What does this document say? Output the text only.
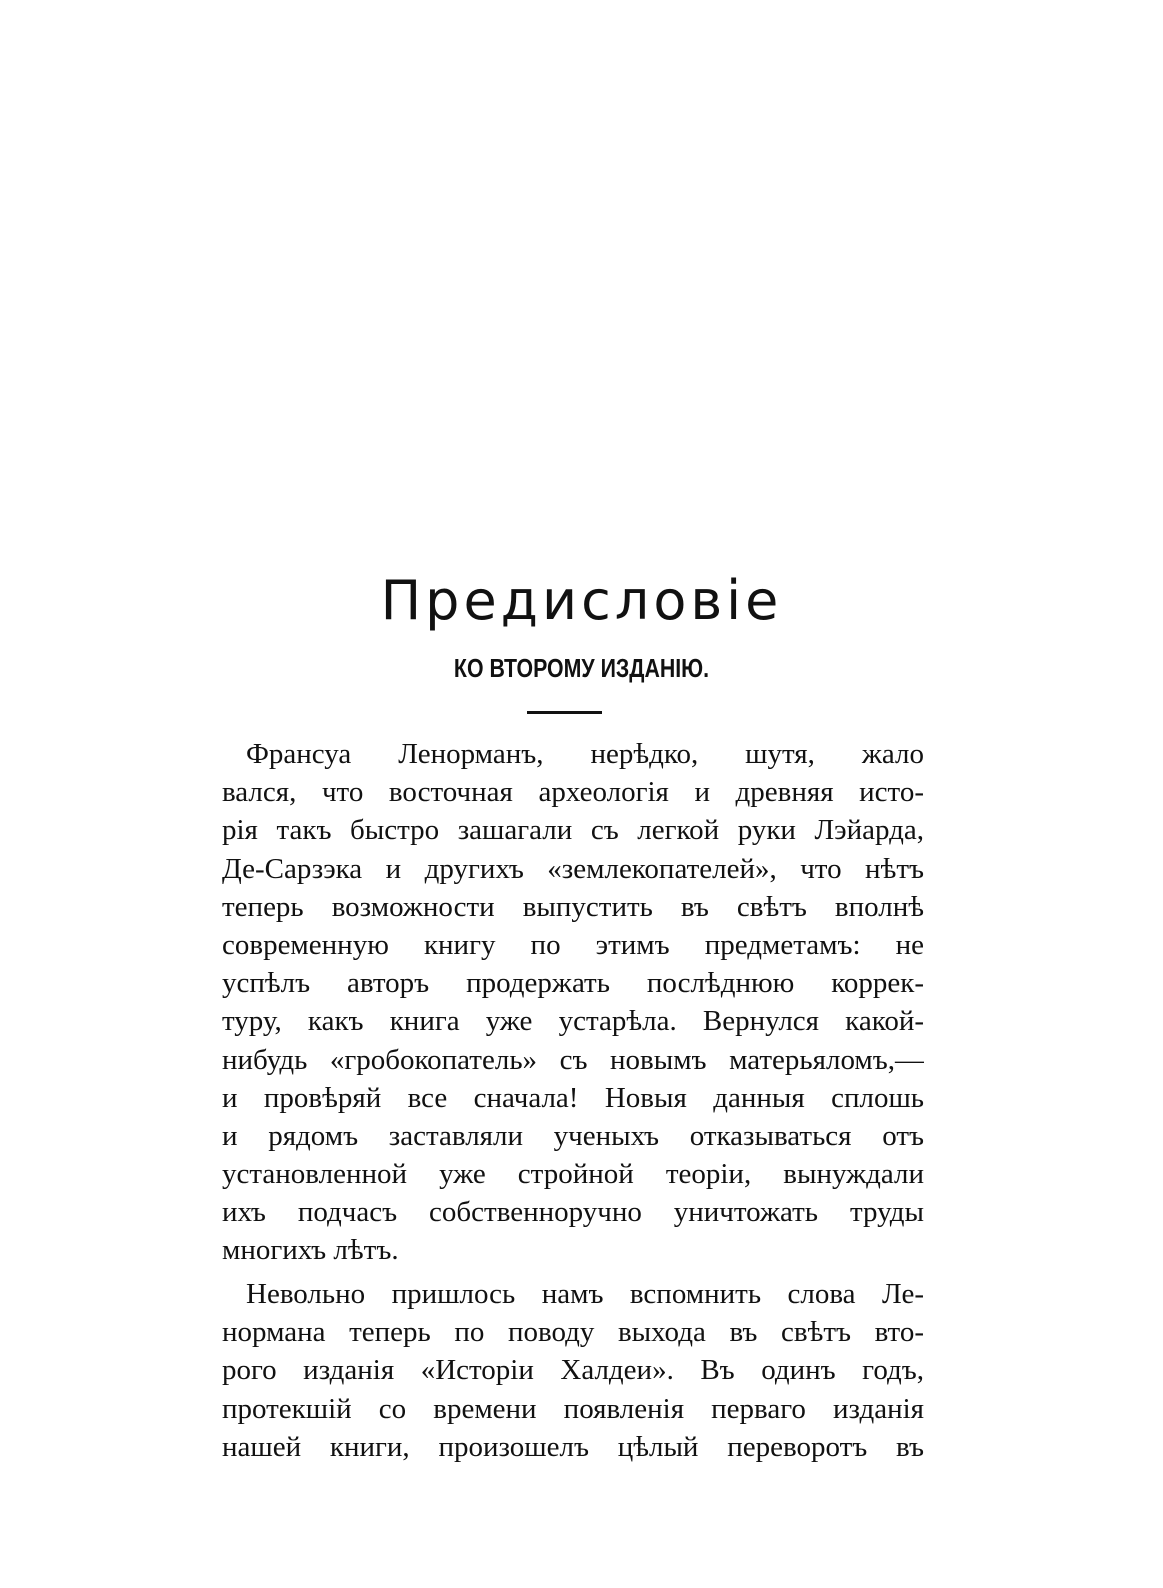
Предисловіе
КО ВТОРОМУ ИЗДАНІЮ.
Франсуа Ленорманъ, нерѣдко, шутя, жало
вался, что восточная археологія и древняя исто-
рія такъ быстро зашагали съ легкой руки Лэйарда,
Де-Сарзэка и другихъ «землекопателей», что нѣтъ
теперь возможности выпустить въ свѣтъ вполнѣ
современную книгу по этимъ предметамъ: не
успѣлъ авторъ продержать послѣднюю коррек-
туру, какъ книга уже устарѣла. Вернулся какой-
нибудь «гробокопатель» съ новымъ матерьяломъ,—
и провѣряй все сначала! Новыя данныя сплошь
и рядомъ заставляли ученыхъ отказываться отъ
установленной уже стройной теоріи, вынуждали
ихъ подчасъ собственноручно уничтожать труды
многихъ лѣтъ.
Невольно пришлось намъ вспомнить слова Ле-
нормана теперь по поводу выхода въ свѣтъ вто-
рого изданія «Исторіи Халдеи». Въ одинъ годъ,
протекшій со времени появленія перваго изданія
нашей книги, произошелъ цѣлый переворотъ въ
